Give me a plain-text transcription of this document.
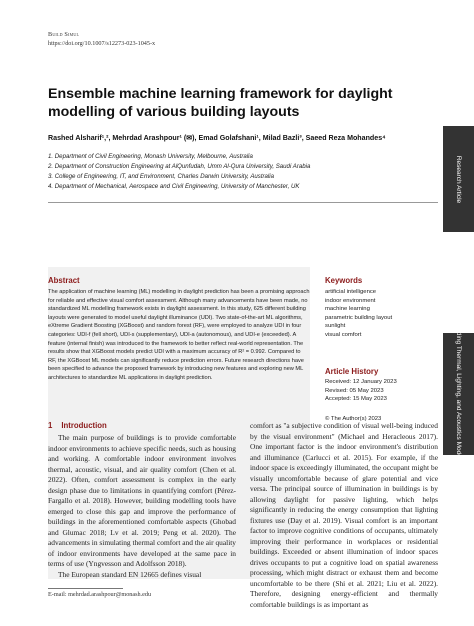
Build Simul
https://doi.org/10.1007/s12273-023-1045-x
Ensemble machine learning framework for daylight modelling of various building layouts
Rashed Alsharif¹,², Mehrdad Arashpour¹ (✉), Emad Golafshani¹, Milad Bazli³, Saeed Reza Mohandes⁴
1. Department of Civil Engineering, Monash University, Melbourne, Australia
2. Department of Construction Engineering at AlQunfudah, Umm Al-Qura University, Saudi Arabia
3. College of Engineering, IT, and Environment, Charles Darwin University, Australia
4. Department of Mechanical, Aerospace and Civil Engineering, University of Manchester, UK	Research Article
Building Thermal, Lighting, and Acoustics Modeling
Abstract
The application of machine learning (ML) modelling in daylight prediction has been a promising approach for reliable and effective visual comfort assessment. Although many advancements have been made, no standardized ML modelling framework exists in daylight assessment. In this study, 625 different building layouts were generated to model useful daylight illuminance (UDI). Two state-of-the-art ML algorithms, eXtreme Gradient Boosting (XGBoost) and random forest (RF), were employed to analyze UDI in four categories: UDI-f (fell short), UDI-s (supplementary), UDI-a (autonomous), and UDI-e (exceeded). A feature (internal finish) was introduced to the framework to better reflect real-world representation. The results show that XGBoost models predict UDI with a maximum accuracy of R² = 0.992. Compared to RF, the XGBoost ML models can significantly reduce prediction errors. Future research directions have been specified to advance the proposed framework by introducing new features and exploring new ML architectures to standardize ML applications in daylight prediction.
Keywords
artificial intelligence
indoor environment
machine learning
parametric building layout
sunlight
visual comfort
Article History
Received: 12 January 2023
Revised: 05 May 2023
Accepted: 15 May 2023
© The Author(s) 2023
1 Introduction

The main purpose of buildings is to provide comfortable indoor environments to achieve specific needs, such as housing and working. A comfortable indoor environment involves thermal, acoustic, visual, and air quality comfort (Chen et al. 2022). Often, comfort assessment is complex in the early design phase due to limitations in quantifying comfort (Pérez-Fargallo et al. 2018). However, building modelling tools have emerged to close this gap and improve the performance of buildings in the aforementioned comfortable aspects (Ghobad and Glumac 2018; Lv et al. 2019; Peng et al. 2020). The advancements in simulating thermal comfort and the air quality of indoor environments have developed at the same pace in terms of use (Yngvesson and Adolfsson 2018).

The European standard EN 12665 defines visual

comfort as "a subjective condition of visual well-being induced by the visual environment" (Michael and Heracleous 2017). One important factor is the indoor environment's distribution and illuminance (Carlucci et al. 2015). For example, if the indoor space is exceedingly illuminated, the occupant might be visually uncomfortable because of glare potential and vice versa. The principal source of illumination in buildings is by allowing daylight for passive lighting, which helps significantly in reducing the energy consumption that lighting fixtures use (Day et al. 2019). Visual comfort is an important factor to improve cognitive conditions of occupants, ultimately improving their performance in workplaces or residential buildings. Exceeded or absent illumination of indoor spaces drives occupants to put a cognitive load on spatial awareness processing, which might distract or exhaust them and become uncomfortable to be there (Shi et al. 2021; Liu et al. 2022). Therefore, designing energy-efficient and thermally comfortable buildings is as important as

E-mail: mehrdad.arashpour@monash.edu
